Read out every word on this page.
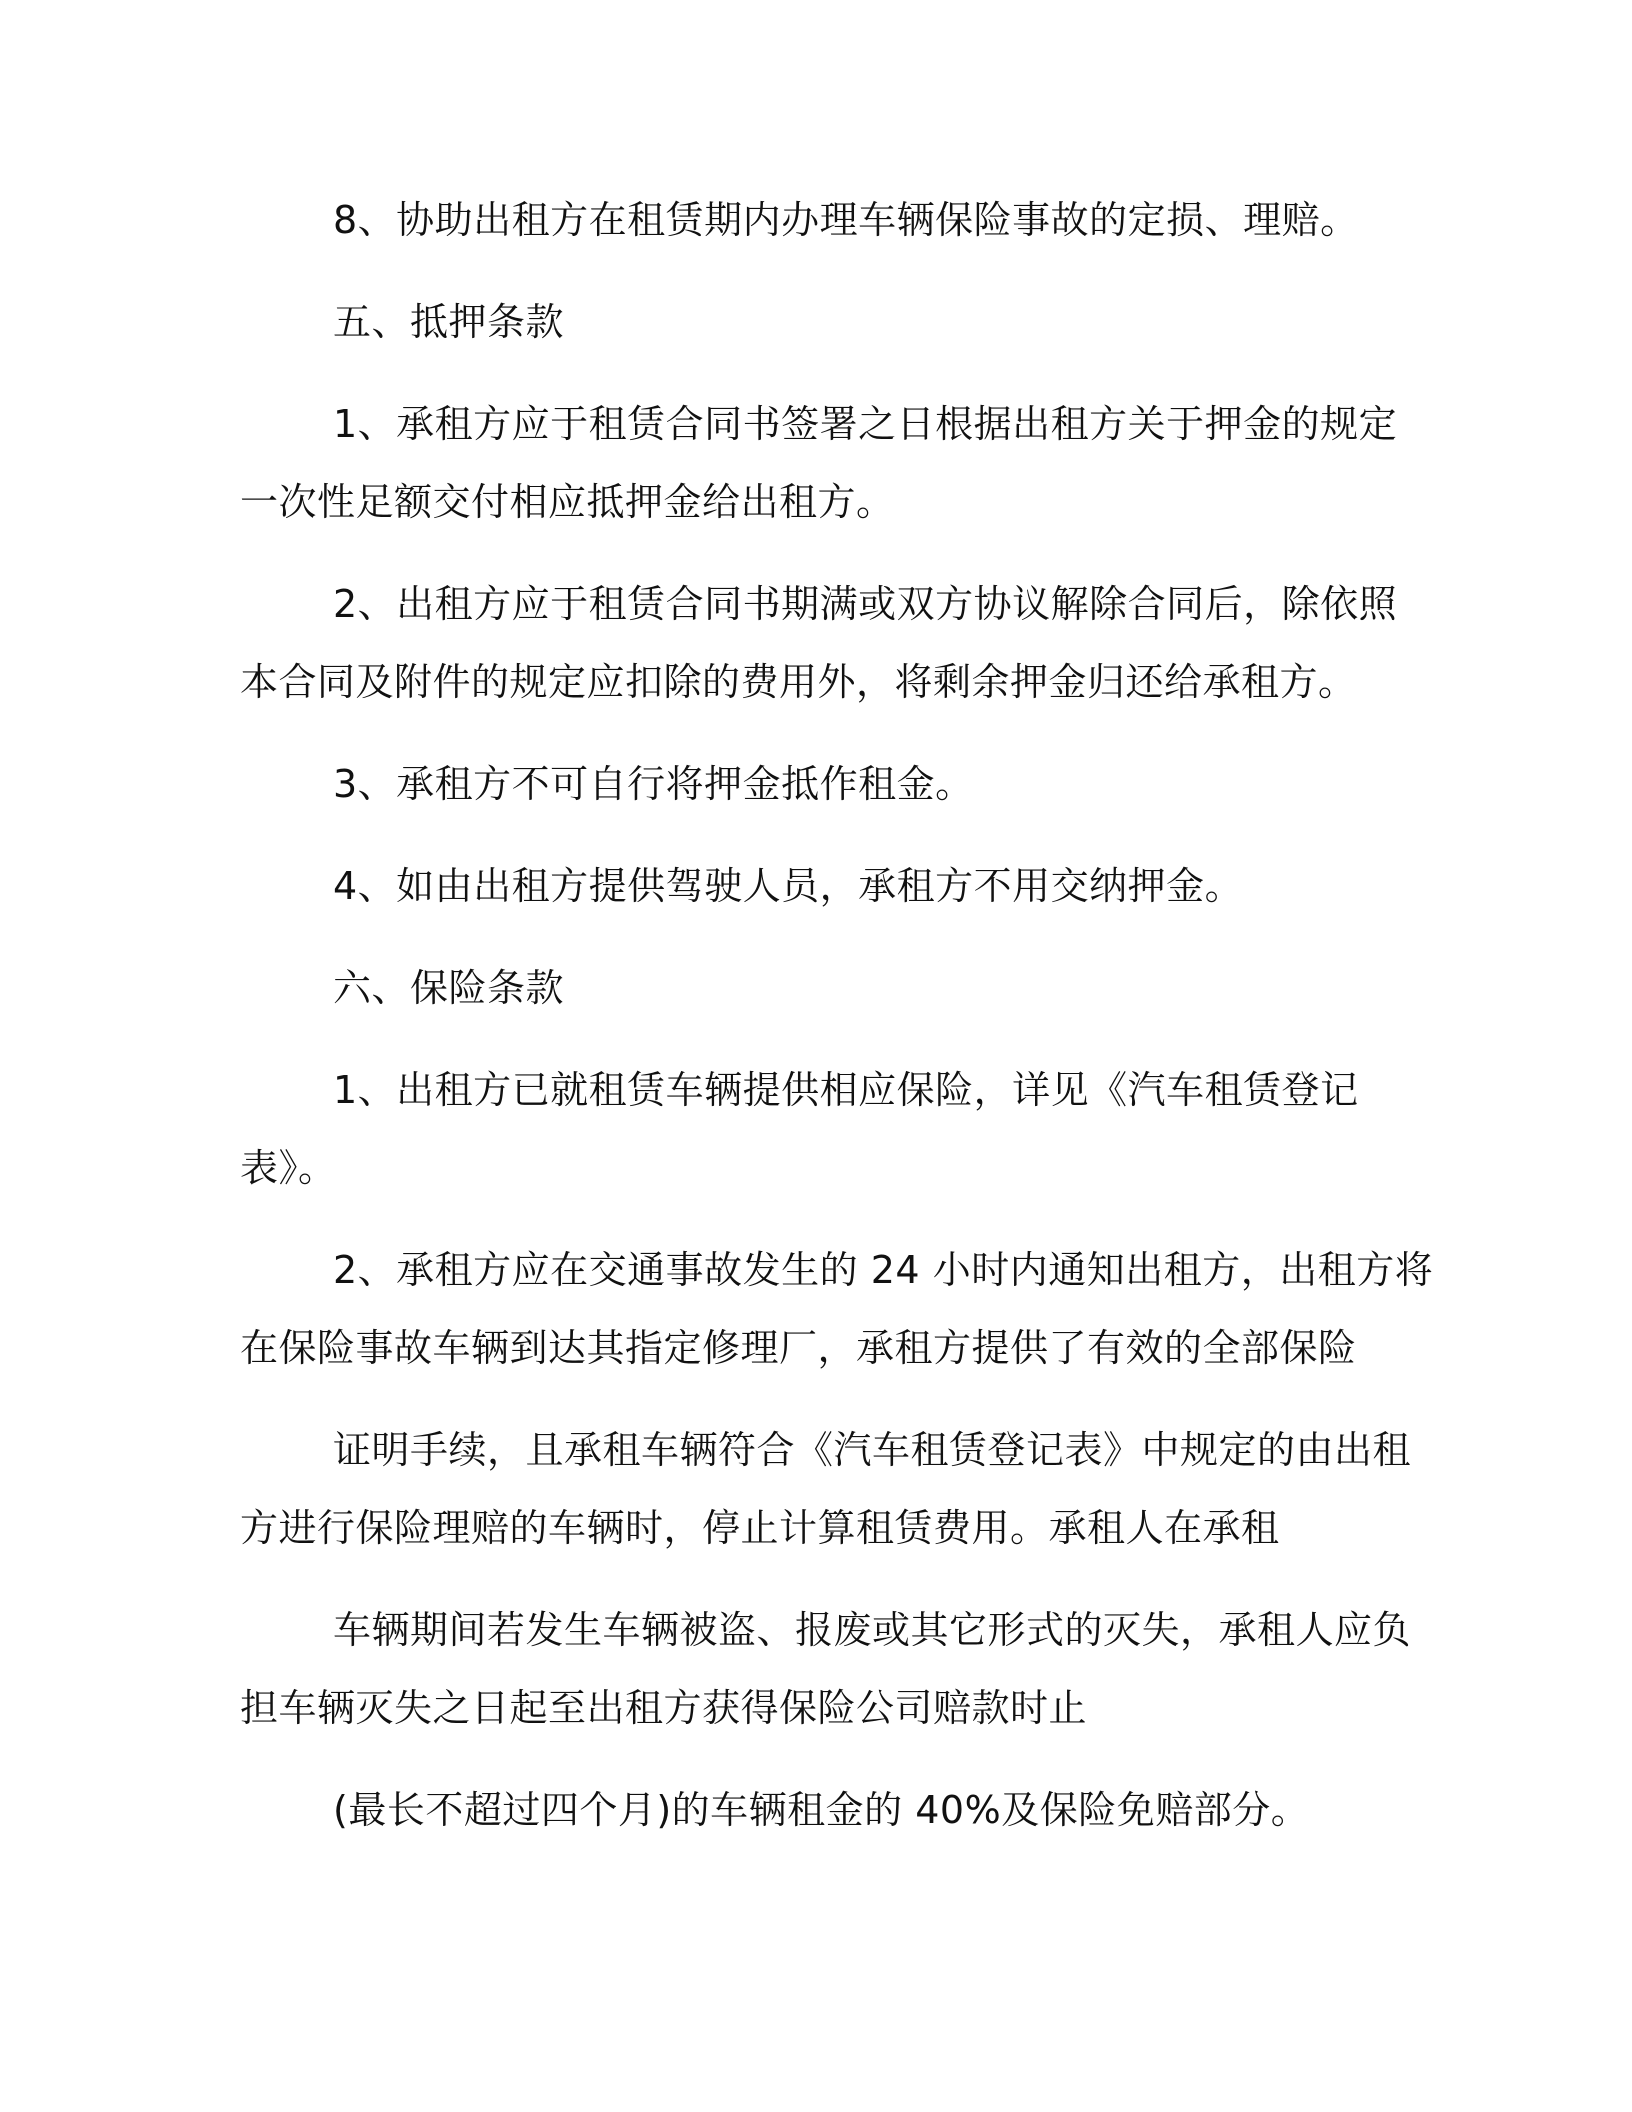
8、协助出租方在租赁期内办理车辆保险事故的定损、理赔。
五、抵押条款
1、承租方应于租赁合同书签署之日根据出租方关于押金的规定
一次性足额交付相应抵押金给出租方。
2、出租方应于租赁合同书期满或双方协议解除合同后，除依照
本合同及附件的规定应扣除的费用外，将剩余押金归还给承租方。
3、承租方不可自行将押金抵作租金。
4、如由出租方提供驾驶人员，承租方不用交纳押金。
六、保险条款
1、出租方已就租赁车辆提供相应保险，详见《汽车租赁登记
表》。
2、承租方应在交通事故发生的 24 小时内通知出租方，出租方将
在保险事故车辆到达其指定修理厂，承租方提供了有效的全部保险
证明手续，且承租车辆符合《汽车租赁登记表》中规定的由出租
方进行保险理赔的车辆时，停止计算租赁费用。承租人在承租
车辆期间若发生车辆被盗、报废或其它形式的灭失，承租人应负
担车辆灭失之日起至出租方获得保险公司赔款时止
(最长不超过四个月)的车辆租金的 40%及保险免赔部分。
